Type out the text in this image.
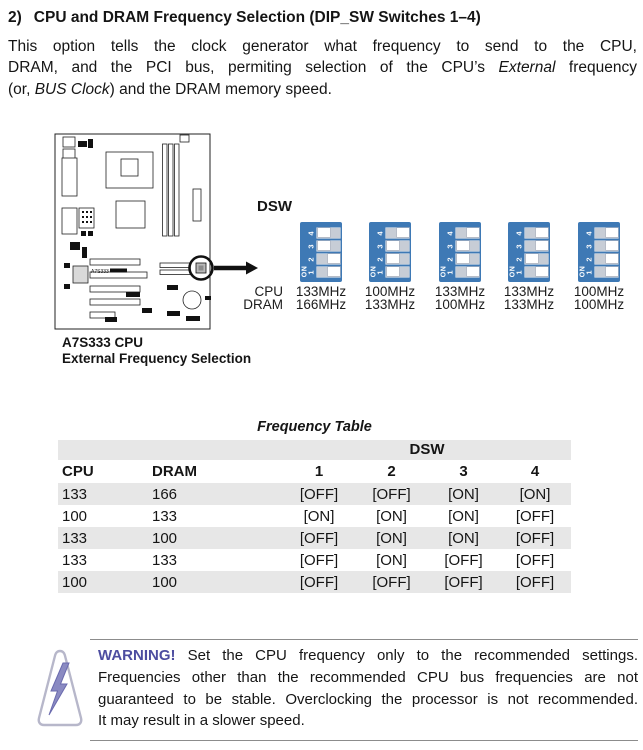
2) CPU and DRAM Frequency Selection (DIP_SW Switches 1–4)
This option tells the clock generator what frequency to send to the CPU,
DRAM, and the PCI bus, permiting selection of the CPU’s External frequency
(or, BUS Clock) and the DRAM memory speed.
A7S333
A7S333 CPU
External Frequency Selection
DSW
ON
4
3
2
1	ON
4
3
2
1	ON
4
3
2
1	ON
4
3
2
1	ON
4
3
2
1
CPU 133MHz	100MHz	133MHz	133MHz	100MHz
DRAM 166MHz	133MHz	100MHz	133MHz	100MHz
Frequency Table
DSW
CPU	DRAM	1	2	3	4
133	166	[OFF]	[OFF]	[ON]	[ON]
100	133	[ON]	[ON]	[ON]	[OFF]
133	100	[OFF]	[ON]	[ON]	[OFF]
133	133	[OFF]	[ON]	[OFF]	[OFF]
100	100	[OFF]	[OFF]	[OFF]	[OFF]
WARNING! Set the CPU frequency only to the recommended settings.
Frequencies other than the recommended CPU bus frequencies are not
guaranteed to be stable. Overclocking the processor is not recommended.
It may result in a slower speed.
